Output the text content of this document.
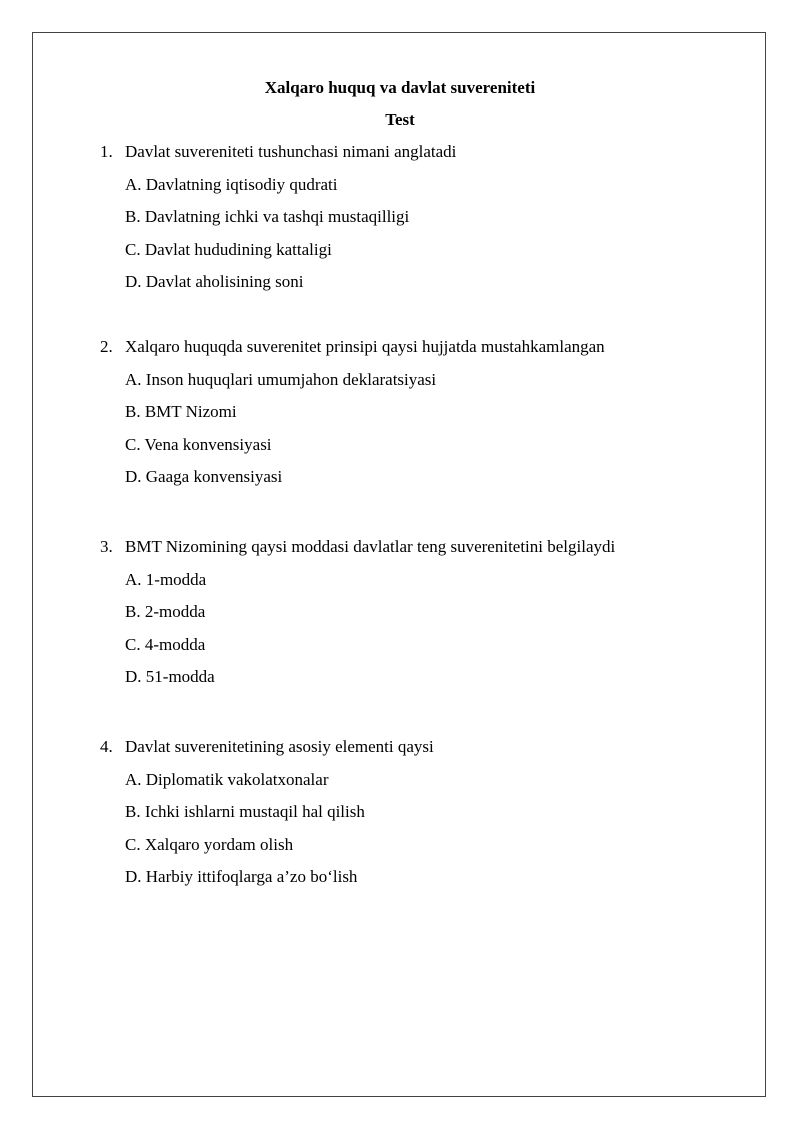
Xalqaro huquq va davlat suvereniteti
Test
1. Davlat suvereniteti tushunchasi nimani anglatadi
A. Davlatning iqtisodiy qudrati
B. Davlatning ichki va tashqi mustaqilligi
C. Davlat hududining kattaligi
D. Davlat aholisining soni
2. Xalqaro huquqda suverenitet prinsipi qaysi hujjatda mustahkamlangan
A. Inson huquqlari umumjahon deklaratsiyasi
B. BMT Nizomi
C. Vena konvensiyasi
D. Gaaga konvensiyasi
3. BMT Nizomining qaysi moddasi davlatlar teng suverenitetini belgilaydi
A. 1-modda
B. 2-modda
C. 4-modda
D. 51-modda
4. Davlat suverenitetining asosiy elementi qaysi
A. Diplomatik vakolatxonalar
B. Ichki ishlarni mustaqil hal qilish
C. Xalqaro yordam olish
D. Harbiy ittifoqlarga a’zo bo‘lish
